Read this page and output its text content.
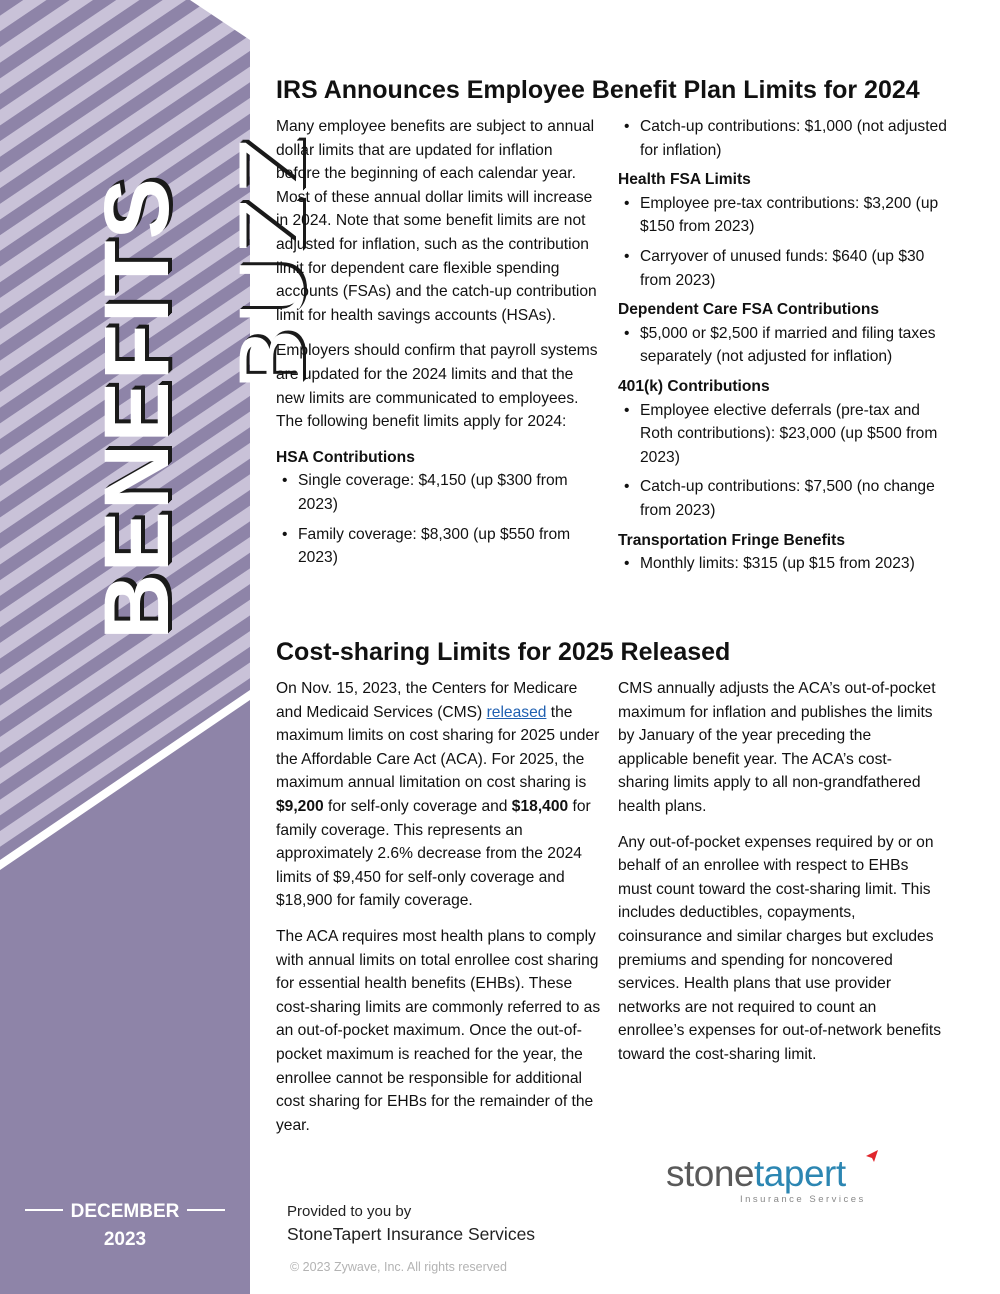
BENEFITS BUZZ
DECEMBER
2023
IRS Announces Employee Benefit Plan Limits for 2024

Many employee benefits are subject to annual dollar limits that are updated for inflation before the beginning of each calendar year. Most of these annual dollar limits will increase in 2024. Note that some benefit limits are not adjusted for inflation, such as the contribution limit for dependent care flexible spending accounts (FSAs) and the catch-up contribution limit for health savings accounts (HSAs).

Employers should confirm that payroll systems are updated for the 2024 limits and that the new limits are communicated to employees. The following benefit limits apply for 2024:

HSA Contributions
• Single coverage: $4,150 (up $300 from 2023)
• Family coverage: $8,300 (up $550 from 2023)
• Catch-up contributions: $1,000 (not adjusted for inflation)
Health FSA Limits
• Employee pre-tax contributions: $3,200 (up $150 from 2023)
• Carryover of unused funds: $640 (up $30 from 2023)
Dependent Care FSA Contributions
• $5,000 or $2,500 if married and filing taxes separately (not adjusted for inflation)
401(k) Contributions
• Employee elective deferrals (pre-tax and Roth contributions): $23,000 (up $500 from 2023)
• Catch-up contributions: $7,500 (no change from 2023)
Transportation Fringe Benefits
• Monthly limits: $315 (up $15 from 2023)
Cost-sharing Limits for 2025 Released

On Nov. 15, 2023, the Centers for Medicare and Medicaid Services (CMS) released the maximum limits on cost sharing for 2025 under the Affordable Care Act (ACA). For 2025, the maximum annual limitation on cost sharing is $9,200 for self-only coverage and $18,400 for family coverage. This represents an approximately 2.6% decrease from the 2024 limits of $9,450 for self-only coverage and $18,900 for family coverage.

The ACA requires most health plans to comply with annual limits on total enrollee cost sharing for essential health benefits (EHBs). These cost-sharing limits are commonly referred to as an out-of-pocket maximum. Once the out-of-pocket maximum is reached for the year, the enrollee cannot be responsible for additional cost sharing for EHBs for the remainder of the year.

CMS annually adjusts the ACA’s out-of-pocket maximum for inflation and publishes the limits by January of the year preceding the applicable benefit year. The ACA’s cost-sharing limits apply to all non-grandfathered health plans.

Any out-of-pocket expenses required by or on behalf of an enrollee with respect to EHBs must count toward the cost-sharing limit. This includes deductibles, copayments, coinsurance and similar charges but excludes premiums and spending for noncovered services. Health plans that use provider networks are not required to count an enrollee’s expenses for out-of-network benefits toward the cost-sharing limit.

stonetapert
Insurance Services
Provided to you by
StoneTapert Insurance Services
© 2023 Zywave, Inc. All rights reserved
